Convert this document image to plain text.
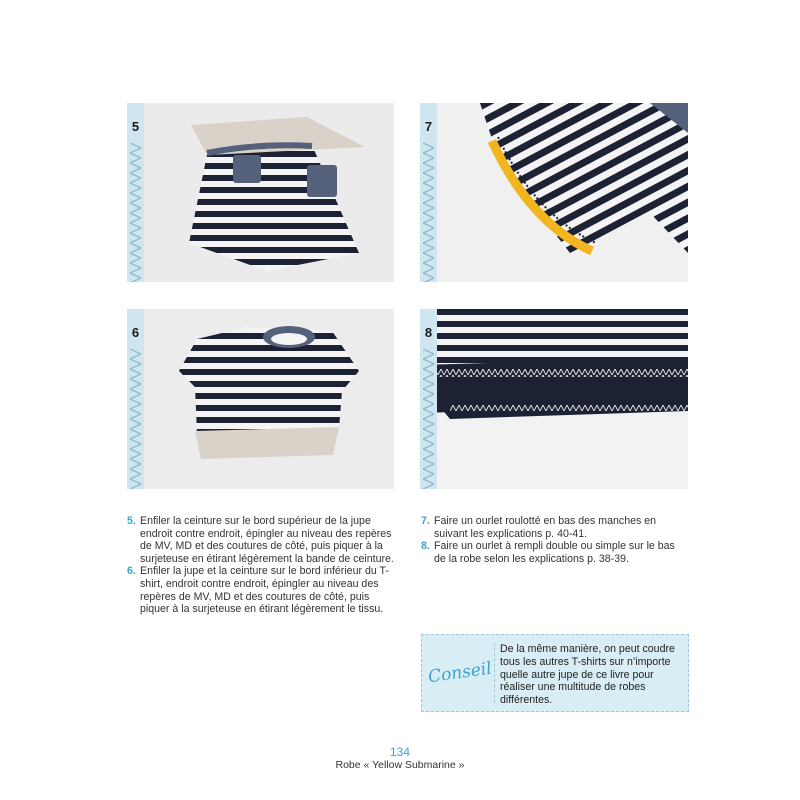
5	7
6	8

5. Enfiler la ceinture sur le bord supérieur de la jupe endroit contre endroit, épingler au niveau des repères de MV, MD et des coutures de côté, puis piquer à la surjeteuse en étirant légèrement la bande de ceinture.

6. Enfiler la jupe et la ceinture sur le bord inférieur du T-shirt, endroit contre endroit, épingler au niveau des repères de MV, MD et des coutures de côté, puis piquer à la surjeteuse en étirant légèrement le tissu.

7. Faire un ourlet roulotté en bas des manches en suivant les explications p. 40-41.

8. Faire un ourlet à rempli double ou simple sur le bas de la robe selon les explications p. 38-39.

Conseil
De la même manière, on peut coudre tous les autres T-shirts sur n’importe quelle autre jupe de ce livre pour réaliser une multitude de robes différentes.
134
Robe « Yellow Submarine »
